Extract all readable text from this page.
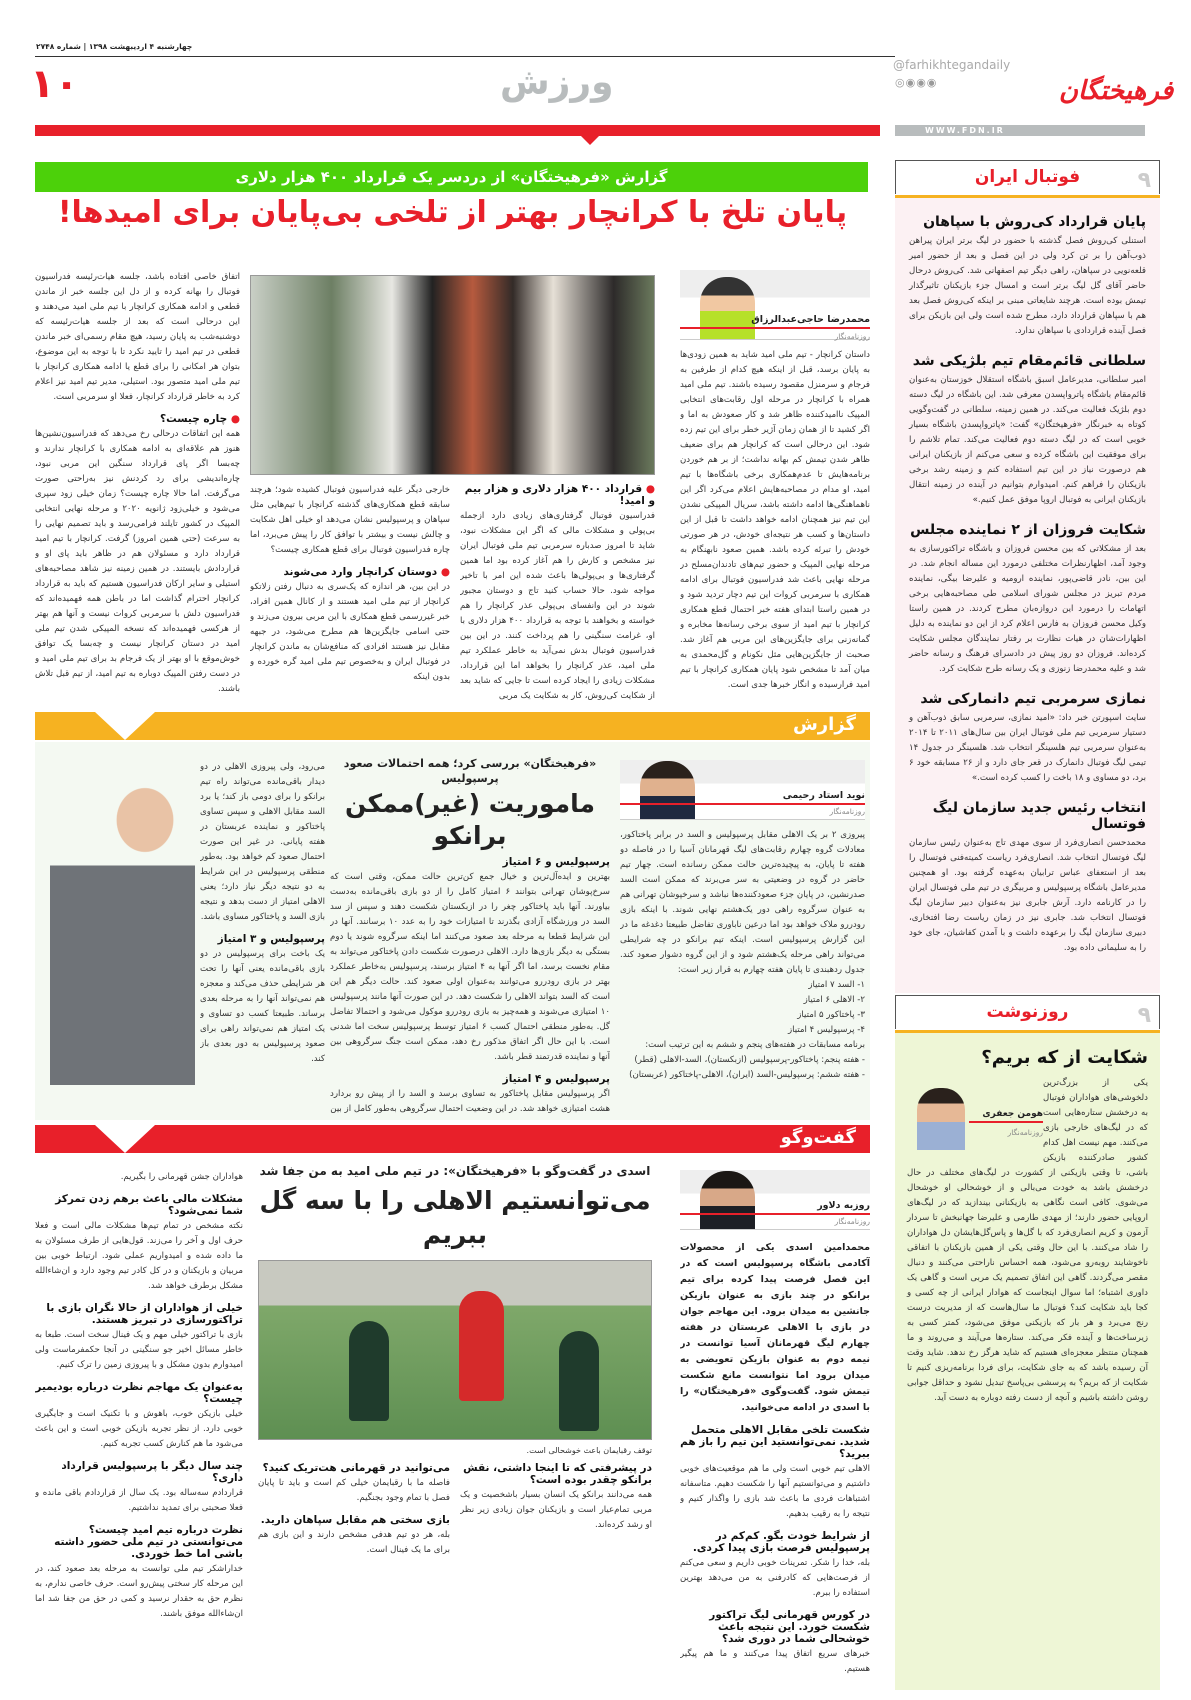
چهارشنبه ۴ اردیبهشت ۱۳۹۸ | شماره ۲۷۴۸
۱۰	ورزش	@farhikhtegandaily
◎◉◉◉	فرهیختگان
WWW.FDN.IR
گزارش «فرهیختگان» از دردسر یک قرارداد ۴۰۰ هزار دلاری
پایان تلخ با کرانچار بهتر از تلخی بی‌پایان برای امیدها!
محمدرضا حاجی‌عبدالرزاق
روزنامه‌نگار
داستان کرانچار - تیم ملی امید شاید به همین زودی‌ها به پایان برسد، قبل از اینکه هیچ کدام از طرفین به فرجام و سرمنزل مقصود رسیده باشند. تیم ملی امید همراه با کرانچار در مرحله اول رقابت‌های انتخابی المپیک ناامیدکننده ظاهر شد و کار صعودش به اما و اگر کشید تا از همان زمان آژیر خطر برای این تیم زده شود. این درحالی است که کرانچار هم برای ضعیف ظاهر شدن تیمش کم بهانه نداشت؛ از بر هم خوردن برنامه‌هایش تا عدم‌همکاری برخی باشگاه‌ها با تیم امید، او مدام در مصاحبه‌هایش اعلام می‌کرد اگر این ناهماهنگی‌ها ادامه داشته باشد، سریال المپیکی نشدن این تیم نیز همچنان ادامه خواهد داشت تا قبل از این داستان‌ها و کسب هر نتیجه‌ای خودش، در هر صورتی خودش را تبرئه کرده باشد. همین صعود نابهنگام به مرحله نهایی المپیک و حضور تیم‌های تادندان‌مسلح در مرحله نهایی باعث شد فدراسیون فوتبال برای ادامه همکاری با سرمربی کروات این تیم دچار تردید شود و در همین راستا ابتدای هفته خبر احتمال قطع همکاری کرانچار با تیم امید از سوی برخی رسانه‌ها مخابره و گمانه‌زنی برای جایگزین‌های این مربی هم آغاز شد. صحبت از جایگزین‌هایی مثل نکونام و گل‌محمدی به میان آمد تا مشخص شود پایان همکاری کرانچار با تیم امید فرارسیده و انگار خبرها جدی است.
● قرارداد ۴۰۰ هزار دلاری و هزار بیم و امید!
فدراسیون فوتبال گرفتاری‌های زیادی دارد ازجمله بی‌پولی و مشکلات مالی که اگر این مشکلات نبود، شاید تا امروز صدباره سرمربی تیم ملی فوتبال ایران نیز مشخص و کارش را هم آغاز کرده بود اما همین گرفتاری‌ها و بی‌پولی‌ها باعث شده این امر با تاخیر مواجه شود. حالا حساب کنید تاج و دوستان مجبور شوند در این وانفسای بی‌پولی عذر کرانچار را هم خواسته و بخواهند با توجه به قرارداد ۴۰۰ هزار دلاری با او، غرامت سنگینی را هم پرداخت کنند. در این بین فدراسیون فوتبال بدش نمی‌آید به خاطر عملکرد تیم ملی امید، عذر کرانچار را بخواهد اما این قرارداد، مشکلات زیادی را ایجاد کرده است تا جایی که شاید بعد از شکایت کی‌روش، کار به شکایت یک مربی
خارجی دیگر علیه فدراسیون فوتبال کشیده شود؛ هرچند سابقه قطع همکاری‌های گذشته کرانچار با تیم‌هایی مثل سپاهان و پرسپولیس نشان می‌دهد او خیلی اهل شکایت و چالش نیست و بیشتر با توافق کار را پیش می‌برد، اما چاره فدراسیون فوتبال برای قطع همکاری چیست؟
● دوستان کرانچار وارد می‌شوند
در این بین، هر اندازه که یک‌سری به دنبال رفتن زلاتکو کرانچار از تیم ملی امید هستند و از کانال همین افراد، خبر غیررسمی قطع همکاری با این مربی بیرون می‌زند و حتی اسامی جایگزین‌ها هم مطرح می‌شود، در جبهه مقابل نیز هستند افرادی که منافع‌شان به ماندن کرانچار در فوتبال ایران و به‌خصوص تیم ملی امید گره خورده و بدون اینکه
اتفاق خاصی افتاده باشد، جلسه هیات‌رئیسه فدراسیون فوتبال را بهانه کرده و از دل این جلسه خبر از ماندن قطعی و ادامه همکاری کرانچار با تیم ملی امید می‌دهند و این درحالی است که بعد از جلسه هیات‌رئیسه که دوشنبه‌شب به پایان رسید، هیچ مقام رسمی‌ای خبر ماندن قطعی در تیم امید را تایید نکرد تا با توجه به این موضوع، بتوان هر امکانی را برای قطع یا ادامه همکاری کرانچار با تیم ملی امید متصور بود. استیلی، مدیر تیم امید نیز اعلام کرد به خاطر قرارداد کرانچار، فعلا او سرمربی است.
● چاره چیست؟
همه این اتفاقات درحالی رخ می‌دهد که فدراسیون‌نشین‌ها هنوز هم علاقه‌ای به ادامه همکاری با کرانچار ندارند و چه‌بسا اگر پای قرارداد سنگین این مربی نبود، چاره‌اندیشی برای رد کردنش نیز به‌راحتی صورت می‌گرفت. اما حالا چاره چیست؟ زمان خیلی زود سپری می‌شود و خیلی‌زود ژانویه ۲۰۲۰ و مرحله نهایی انتخابی المپیک در کشور تایلند فرامی‌رسد و باید تصمیم نهایی را به سرعت (حتی همین امروز) گرفت. کرانچار با تیم امید قرارداد دارد و مسئولان هم در ظاهر باید پای او و قراردادش بایستند. در همین زمینه نیز شاهد مصاحبه‌های استیلی و سایر ارکان فدراسیون هستیم که باید به قرارداد کرانچار احترام گذاشت اما در باطن همه فهمیده‌اند که فدراسیون دلش با سرمربی کروات نیست و آنها هم بهتر از هرکسی فهمیده‌اند که نسخه المپیکی شدن تیم ملی امید در دستان کرانچار نیست و چه‌بسا یک توافق خوش‌موقع با او بهتر از یک فرجام بد برای تیم ملی امید و در دست رفتن المپیک دوباره به تیم امید، از تیم قبل تلاش باشند.
گزارش
نوید استاد رحیمی
روزنامه‌نگار
«فرهیختگان» بررسی کرد؛ همه احتمالات صعود پرسپولیس
ماموریت (غیر)ممکن برانکو
پرسپولیس و ۶ امتیاز
بهترین و ایده‌آل‌ترین و خیال جمع کن‌ترین حالت ممکن، وقتی است که سرخ‌پوشان تهرانی بتوانند ۶ امتیاز کامل را از دو بازی باقی‌مانده به‌دست بیاورند. آنها باید پاختاکور چغر را در ازبکستان شکست دهند و سپس از سد السد در ورزشگاه آزادی بگذرند تا امتیازات خود را به عدد ۱۰ برسانند. آنها در این شرایط قطعا به مرحله بعد صعود می‌کنند اما اینکه سرگروه شوند یا دوم بستگی به دیگر بازی‌ها دارد. الاهلی درصورت شکست دادن پاختاکور می‌تواند به مقام نخست برسد، اما اگر آنها به ۴ امتیاز برسند، پرسپولیس به‌خاطر عملکرد بهتر در بازی رودررو می‌توانند به‌عنوان اولی صعود کند. حالت دیگر هم این است که السد بتواند الاهلی را شکست دهد. در این صورت آنها مانند پرسپولیس ۱۰ امتیازی می‌شوند و همه‌چیز به بازی رودررو موکول می‌شود و احتمالا تفاضل گل. به‌طور منطقی احتمال کسب ۶ امتیاز توسط پرسپولیس سخت اما شدنی است. با این حال اگر اتفاق مذکور رخ دهد، ممکن است جنگ سرگروهی بین آنها و نماینده قدرتمند قطر باشد.
پرسپولیس و ۴ امتیاز
اگر پرسپولیس مقابل پاختاکور به تساوی برسد و السد را از پیش رو بردارد هشت امتیازی خواهد شد. در این وضعیت احتمال سرگروهی به‌طور کامل از بین
پیروزی ۲ بر یک الاهلی مقابل پرسپولیس و السد در برابر پاختاکور، معادلات گروه چهارم رقابت‌های لیگ قهرمانان آسیا را در فاصله دو هفته تا پایان، به پیچیده‌ترین حالت ممکن رسانده است. چهار تیم حاضر در گروه در وضعیتی به سر می‌برند که ممکن است السد صدرنشین، در پایان جزء صعودکننده‌ها نباشد و سرخپوشان تهرانی هم به عنوان سرگروه راهی دور یک‌هشتم نهایی شوند. با اینکه بازی رودررو ملاک خواهد بود اما درعین ناباوری تفاضل طبیعتا دغدغه ما در این گزارش پرسپولیس است. اینکه تیم برانکو در چه شرایطی می‌تواند راهی مرحله یک‌هشتم شود و از این گروه دشوار صعود کند. جدول ردهبندی تا پایان هفته چهارم به قرار زیر است:
۱- السد ۷ امتیاز
۲- الاهلی ۶ امتیاز
۳- پاختاکور ۵ امتیاز
۴- پرسپولیس ۴ امتیاز
برنامه مسابقات در هفته‌های پنجم و ششم به این ترتیب است:
- هفته پنجم: پاختاکور-پرسپولیس (ازبکستان)، السد-الاهلی (قطر)
- هفته ششم: پرسپولیس-السد (ایران)، الاهلی-پاختاکور (عربستان)
می‌رود، ولی پیروزی الاهلی در دو دیدار باقی‌مانده می‌تواند راه تیم برانکو را برای دومی باز کند؛ یا برد السد مقابل الاهلی و سپس تساوی پاختاکور و نماینده عربستان در هفته پایانی. در غیر این صورت احتمال صعود کم خواهد بود. به‌طور منطقی پرسپولیس در این شرایط به دو نتیجه دیگر نیاز دارد؛ یعنی الاهلی امتیاز از دست بدهد و نتیجه بازی السد و پاختاکور مساوی باشد.
پرسپولیس و ۳ امتیاز
یک باخت برای پرسپولیس در دو بازی باقی‌مانده یعنی آنها را تحت هر شرایطی حذف می‌کند و معجزه هم نمی‌تواند آنها را به مرحله بعدی برساند. طبیعتا کسب دو تساوی و یک امتیاز هم نمی‌تواند راهی برای صعود پرسپولیس به دور بعدی باز کند.
گفت‌وگو
روزبه دلاور
روزنامه‌نگار
محمدامین اسدی یکی از محصولات آکادمی باشگاه پرسپولیس است که در این فصل فرصت پیدا کرده برای تیم برانکو در چند بازی به عنوان بازیکن جانشین به میدان برود. این مهاجم جوان در بازی با الاهلی عربستان در هفته چهارم لیگ قهرمانان آسیا توانست در نیمه دوم به عنوان بازیکن تعویضی به میدان برود اما نتوانست مانع شکست تیمش شود. گفت‌وگوی «فرهیختگان» را با اسدی در ادامه می‌خوانید.
شکست تلخی مقابل الاهلی متحمل شدید. نمی‌توانستید این تیم را باز هم ببرید؟
الاهلی تیم خوبی است ولی ما هم موقعیت‌های خوبی داشتیم و می‌توانستیم آنها را شکست دهیم. متاسفانه اشتباهات فردی ما باعث شد بازی را واگذار کنیم و نتیجه را به رقیب بدهیم.
از شرایط خودت بگو. کم‌کم در پرسپولیس فرصت بازی پیدا کردی.
بله، خدا را شکر. تمرینات خوبی داریم و سعی می‌کنم از فرصت‌هایی که کادرفنی به من می‌دهد بهترین استفاده را ببرم.
در کورس قهرمانی لیگ تراکتور شکست خورد. این نتیجه باعث خوشحالی شما در دوری شد؟
خبرهای سریع اتفاق پیدا می‌کنند و ما هم پیگیر هستیم.
اسدی در گفت‌وگو با «فرهیختگان»: در تیم ملی امید به من جفا شد
می‌توانستیم الاهلی را با سه گل ببریم
توقف رقبایمان باعث خوشحالی است.
در پیشرفتی که تا اینجا داشتی، نقش برانکو چقدر بوده است؟
همه می‌دانند برانکو یک انسان بسیار باشخصیت و یک مربی تمام‌عیار است و بازیکنان جوان زیادی زیر نظر او رشد کرده‌اند.
می‌توانید در قهرمانی هت‌تریک کنید؟
فاصله ما با رقبایمان خیلی کم است و باید تا پایان فصل با تمام وجود بجنگیم.
بازی سختی هم مقابل سپاهان دارید.
بله، هر دو تیم هدفی مشخص دارند و این بازی هم برای ما یک فینال است.
هواداران جشن قهرمانی را بگیریم.
مشکلات مالی باعث برهم زدن تمرکز شما نمی‌شود؟
نکته مشخص در تمام تیم‌ها مشکلات مالی است و فعلا حرف اول و آخر را می‌زند. قول‌هایی از طرف مسئولان به ما داده شده و امیدواریم عملی شود. ارتباط خوبی بین مربیان و بازیکنان و در کل کادر تیم وجود دارد و ان‌شاءالله مشکل برطرف خواهد شد.
خیلی از هواداران از حالا نگران بازی با تراکتورسازی در تبریز هستند.
بازی با تراکتور خیلی مهم و یک فینال سخت است. طبعا به خاطر مسائل اخیر جو سنگینی در آنجا حکمفرماست ولی امیدوارم بدون مشکل و با پیروزی زمین را ترک کنیم.
به‌عنوان یک مهاجم نظرت درباره بودیمیر چیست؟
خیلی بازیکن خوب، باهوش و با تکنیک است و جایگیری خوبی دارد. از نظر تجربه بازیکن خوبی است و این باعث می‌شود ما هم کنارش کسب تجربه کنیم.
چند سال دیگر با پرسپولیس قرارداد داری؟
قراردادم سه‌ساله بود. یک سال از قراردادم باقی مانده و فعلا صحبتی برای تمدید نداشتیم.
نظرت درباره تیم امید چیست؟ می‌توانستی در تیم ملی حضور داشته باشی اما خط خوردی.
خداراشکر تیم ملی توانست به مرحله بعد صعود کند، در این مرحله کار سختی پیش‌رو است. حرف خاصی ندارم، به نظرم حق به حقدار نرسید و کمی در حق من جفا شد اما ان‌شاءالله موفق باشند.
٩
فوتبال ایران
پایان قرارداد کی‌روش با سپاهان
استنلی کی‌روش فصل گذشته با حضور در لیگ برتر ایران پیراهن ذوب‌آهن را بر تن کرد ولی در این فصل و بعد از حضور امیر قلعه‌نویی در سپاهان، راهی دیگر تیم اصفهانی شد. کی‌روش درحال حاضر آقای گل لیگ برتر است و امسال جزء بازیکنان تاثیرگذار تیمش بوده است. هرچند شایعاتی مبنی بر اینکه کی‌روش فصل بعد هم با سپاهان قرارداد دارد، مطرح شده است ولی این بازیکن برای فصل آینده قراردادی با سپاهان ندارد.
سلطانی قائم‌مقام تیم بلژیکی شد
امیر سلطانی، مدیرعامل اسبق باشگاه استقلال خوزستان به‌عنوان قائم‌مقام باشگاه پاترواپسدن معرفی شد. این باشگاه در لیگ دسته دوم بلژیک فعالیت می‌کند. در همین زمینه، سلطانی در گفت‌وگویی کوتاه به خبرنگار «فرهیختگان» گفت: «پاترواپسدن باشگاه بسیار خوبی است که در لیگ دسته دوم فعالیت می‌کند. تمام تلاشم را برای موفقیت این باشگاه کرده و سعی می‌کنم از بازیکنان ایرانی هم درصورت نیاز در این تیم استفاده کنم و زمینه رشد برخی بازیکنان را فراهم کنم. امیدوارم بتوانیم در آینده در زمینه انتقال بازیکنان ایرانی به فوتبال اروپا موفق عمل کنیم.»
شکایت فروزان از ۲ نماینده مجلس
بعد از مشکلاتی که بین محسن فروزان و باشگاه تراکتورسازی به وجود آمد، اظهارنظرات مختلفی درمورد این مساله انجام شد. در این بین، نادر قاضی‌پور، نماینده ارومیه و علیرضا بیگی، نماینده مردم تبریز در مجلس شورای اسلامی طی مصاحبه‌هایی برخی اتهامات را درمورد این دروازه‌بان مطرح کردند. در همین راستا وکیل محسن فروزان به فارس اعلام کرد از این دو نماینده به دلیل اظهارات‌شان در هیات نظارت بر رفتار نمایندگان مجلس شکایت کرده‌اند. فروزان دو روز پیش در دادسرای فرهنگ و رسانه حاضر شد و علیه محمدرضا زنوزی و یک رسانه طرح شکایت کرد.
نمازی سرمربی تیم دانمارکی شد
سایت اسپورتن خبر داد: «امید نمازی، سرمربی سابق ذوب‌آهن و دستیار سرمربی تیم ملی فوتبال ایران بین سال‌های ۲۰۱۱ تا ۲۰۱۴ به‌عنوان سرمربی تیم هلسینگر انتخاب شد. هلسینگر در جدول ۱۴ تیمی لیگ فوتبال دانمارک در قعر جای دارد و از ۲۶ مسابقه خود ۶ برد، دو مساوی و ۱۸ باخت را کسب کرده است.»
انتخاب رئیس جدید سازمان لیگ فوتسال
محمدحسن انصاری‌فرد از سوی مهدی تاج به‌عنوان رئیس سازمان لیگ فوتسال انتخاب شد. انصاری‌فرد ریاست کمیته‌فنی فوتسال را بعد از استعفای عباس ترابیان به‌عهده گرفته بود. او همچنین مدیرعامل باشگاه پرسپولیس و مربیگری در تیم ملی فوتسال ایران را در کارنامه دارد. آرش جابری نیز به‌عنوان دبیر سازمان لیگ فوتسال انتخاب شد. جابری نیز در زمان ریاست رضا افتخاری، دبیری سازمان لیگ را برعهده داشت و با آمدن کفاشیان، جای خود را به سلیمانی داده بود.
٩
روزنوشت
شکایت از که بریم؟
هومن جعفری
روزنامه‌نگار
یکی از بزرگ‌ترین دلخوشی‌های هواداران فوتبال به درخشش ستاره‌هایی است که در لیگ‌های خارجی بازی می‌کنند. مهم نیست اهل کدام کشور صادرکننده بازیکن باشی، تا وقتی بازیکنی از کشورت در لیگ‌های مختلف در حال درخشش باشد به خودت می‌بالی و از خوشحالی او خوشحال می‌شوی. کافی است نگاهی به بازیکنانی بیندازید که در لیگ‌های اروپایی حضور دارند؛ از مهدی طارمی و علیرضا جهانبخش تا سردار آزمون و کریم انصاری‌فرد که با گل‌ها و پاس‌گل‌هایشان دل هواداران را شاد می‌کنند. با این حال وقتی یکی از همین بازیکنان با اتفاقی ناخوشایند روبه‌رو می‌شود، همه احساس ناراحتی می‌کنند و دنبال مقصر می‌گردند. گاهی این اتفاق تصمیم یک مربی است و گاهی یک داوری اشتباه؛ اما سوال اینجاست که هوادار ایرانی از چه کسی و کجا باید شکایت کند؟ فوتبال ما سال‌هاست که از مدیریت درست رنج می‌برد و هر بار که بازیکنی موفق می‌شود، کمتر کسی به زیرساخت‌ها و آینده فکر می‌کند. ستاره‌ها می‌آیند و می‌روند و ما همچنان منتظر معجزه‌ای هستیم که شاید هرگز رخ ندهد. شاید وقت آن رسیده باشد که به جای شکایت، برای فردا برنامه‌ریزی کنیم تا شکایت از که بریم؟ به پرسشی بی‌پاسخ تبدیل نشود و حداقل جوابی روشن داشته باشیم و آنچه از دست رفته دوباره به دست آید.
